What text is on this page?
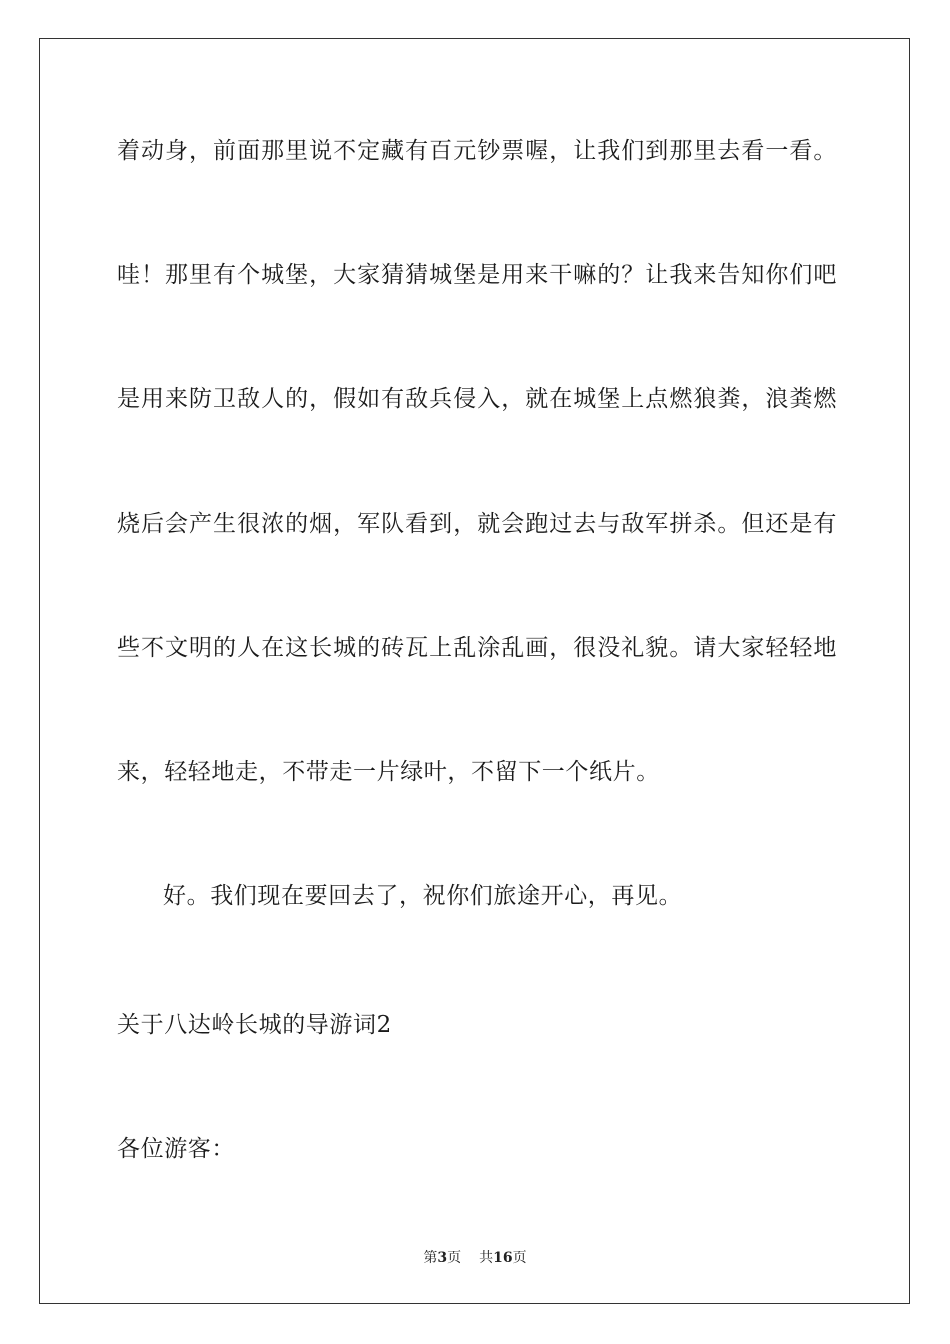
着动身，前面那里说不定藏有百元钞票喔，让我们到那里去看一看。
哇！那里有个城堡，大家猜猜城堡是用来干嘛的？让我来告知你们吧
是用来防卫敌人的，假如有敌兵侵入，就在城堡上点燃狼粪，浪粪燃
烧后会产生很浓的烟，军队看到，就会跑过去与敌军拼杀。但还是有
些不文明的人在这长城的砖瓦上乱涂乱画，很没礼貌。请大家轻轻地
来，轻轻地走，不带走一片绿叶，不留下一个纸片。
好。我们现在要回去了，祝你们旅途开心，再见。
关于八达岭长城的导游词2
各位游客：
第3页 共16页
